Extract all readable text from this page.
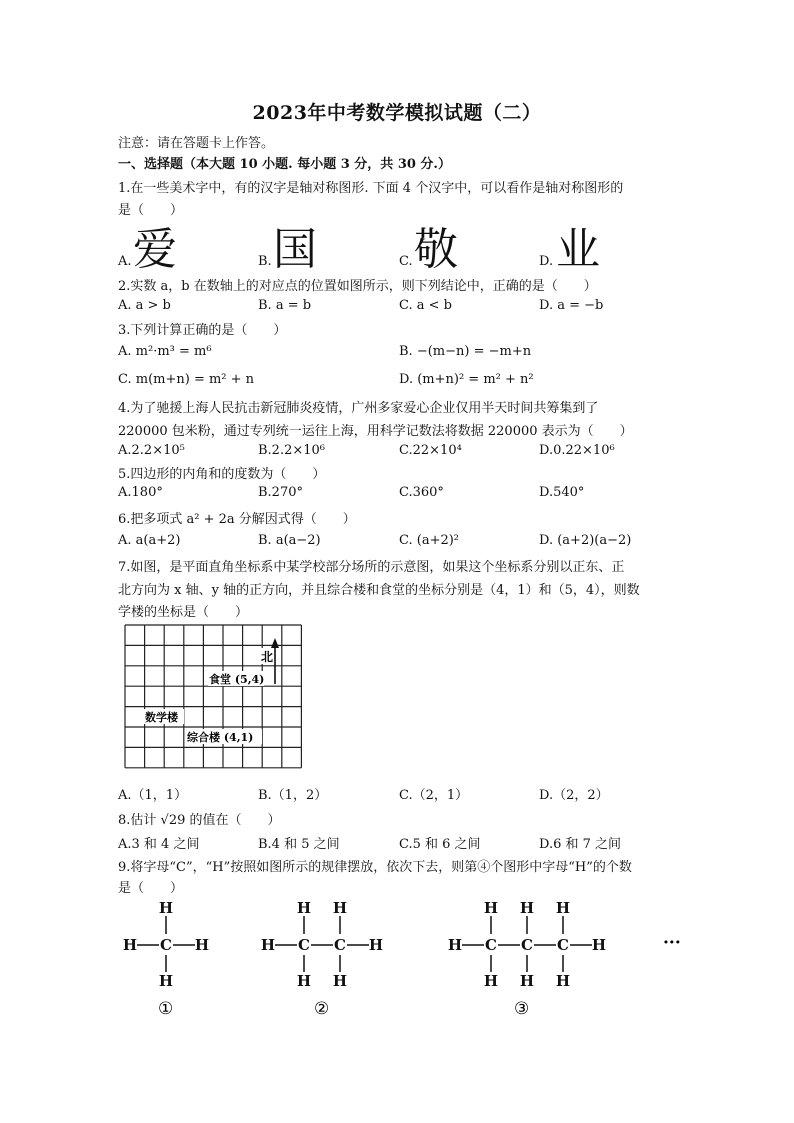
2023年中考数学模拟试题（二）
注意：请在答题卡上作答。
一、选择题（本大题 10 小题. 每小题 3 分，共 30 分.）
1.在一些美术字中，有的汉字是轴对称图形. 下面 4 个汉字中，可以看作是轴对称图形的
是（　　）
A. 爱	B. 国	C. 敬	D. 业
2.实数 a，b 在数轴上的对应点的位置如图所示，则下列结论中，正确的是（　　）
A. a > b	B. a = b	C. a < b	D. a = −b
3.下列计算正确的是（　　）
A. m²·m³ = m⁶	B. −(m−n) = −m+n
C. m(m+n) = m² + n	D. (m+n)² = m² + n²
4.为了驰援上海人民抗击新冠肺炎疫情，广州多家爱心企业仅用半天时间共筹集到了
220000 包米粉，通过专列统一运往上海，用科学记数法将数据 220000 表示为（　　）
A.2.2×10⁵	B.2.2×10⁶	C.22×10⁴	D.0.22×10⁶
5.四边形的内角和的度数为（　　）
A.180°	B.270°	C.360°	D.540°
6.把多项式 a² + 2a 分解因式得（　　）
A. a(a+2)	B. a(a−2)	C. (a+2)²	D. (a+2)(a−2)
7.如图，是平面直角坐标系中某学校部分场所的示意图，如果这个坐标系分别以正东、正
北方向为 x 轴、y 轴的正方向，并且综合楼和食堂的坐标分别是（4，1）和（5，4），则数
学楼的坐标是（　　）
北
食堂 (5,4)
数学楼
综合楼 (4,1)
A.（1，1）	B.（1，2）	C.（2，1）	D.（2，2）
8.估计 √29 的值在（　　）
A.3 和 4 之间	B.4 和 5 之间	C.5 和 6 之间	D.6 和 7 之间
9.将字母“C”，“H”按照如图所示的规律摆放，依次下去，则第④个图形中字母“H”的个数
是（　　）
H C
H
H
H	H C
H
H
C
H
H
H	H C
H
H
C
H
H
C
H
H
H
①	②	③
···
